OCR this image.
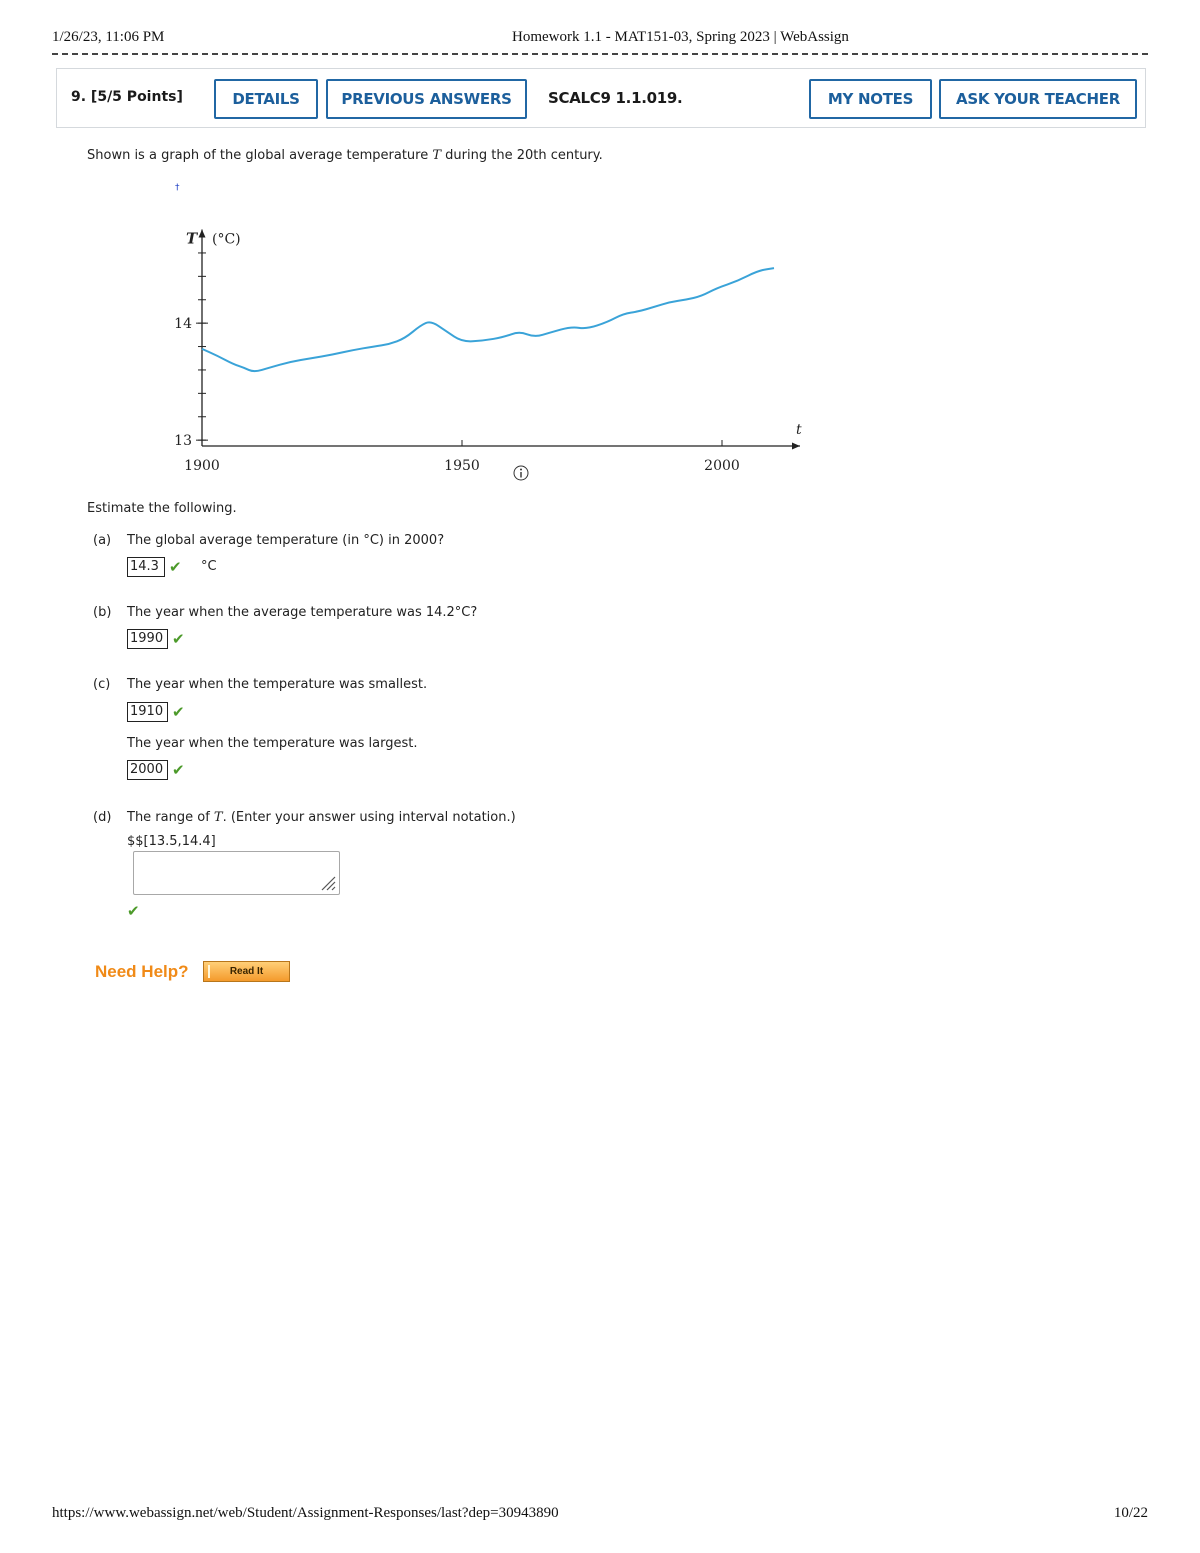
1/26/23, 11:06 PM	Homework 1.1 - MAT151-03, Spring 2023 | WebAssign
9. [5/5 Points]	DETAILS	PREVIOUS ANSWERS	SCALC9 1.1.019.	MY NOTES	ASK YOUR TEACHER
Shown is a graph of the global average temperature T during the 20th century.
†
13
14
1900	1950	2000
T (°C)
t
Estimate the following.
(a) The global average temperature (in °C) in 2000?
14.3 ✔ °C
(b) The year when the average temperature was 14.2°C?
1990 ✔
(c) The year when the temperature was smallest.
1910 ✔
The year when the temperature was largest.
2000 ✔
(d) The range of T. (Enter your answer using interval notation.)
$$[13.5,14.4]
✔
Need Help?	Read It
https://www.webassign.net/web/Student/Assignment-Responses/last?dep=30943890	10/22
